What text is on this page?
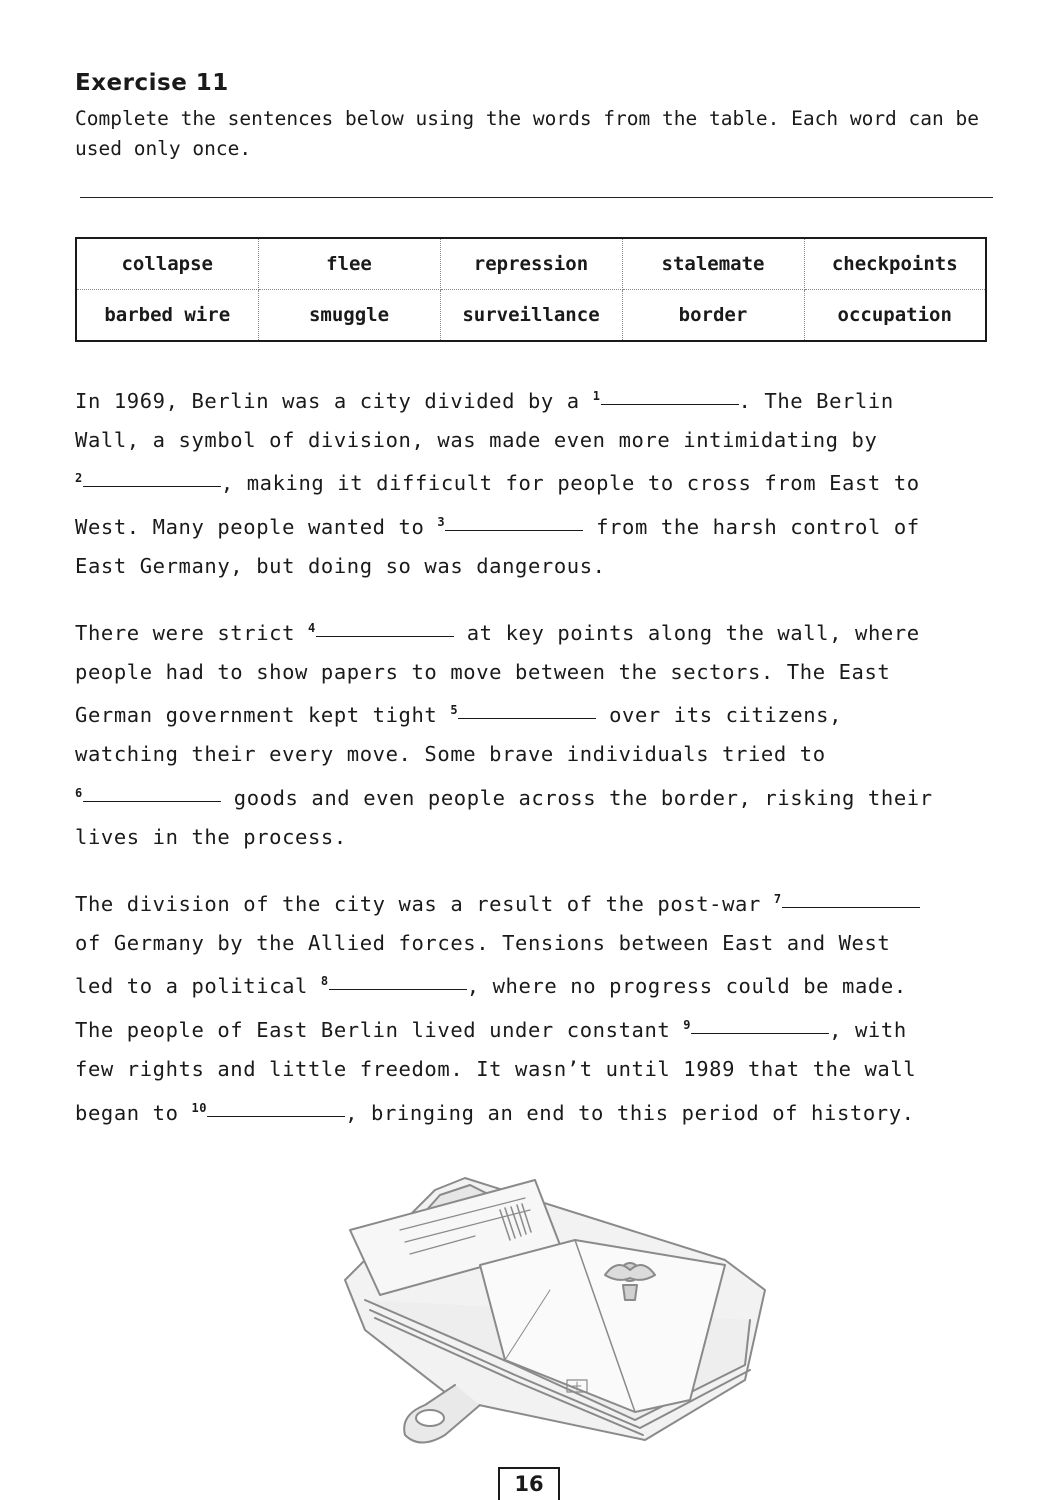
Exercise 11
Complete the sentences below using the words from the table. Each word can be used only once.
collapse	flee	repression	stalemate	checkpoints
barbed wire	smuggle	surveillance	border	occupation
In 1969, Berlin was a city divided by a $^1$	. The Berlin
Wall, a symbol of division, was made even more intimidating by
$^2$	, making it difficult for people to cross from East to
West. Many people wanted to $^3$	from the harsh control of
East Germany, but doing so was dangerous.
There were strict $^4$	at key points along the wall, where
people had to show papers to move between the sectors. The East
German government kept tight $^5$	over its citizens,
watching their every move. Some brave individuals tried to
$^6$	goods and even people across the border, risking their
lives in the process.
The division of the city was a result of the post-war $^7$
of Germany by the Allied forces. Tensions between East and West
led to a political $^8$	, where no progress could be made.
The people of East Berlin lived under constant $^9$	, with
few rights and little freedom. It wasn’t until 1989 that the wall
began to $^{10}$	, bringing an end to this period of history.
16
